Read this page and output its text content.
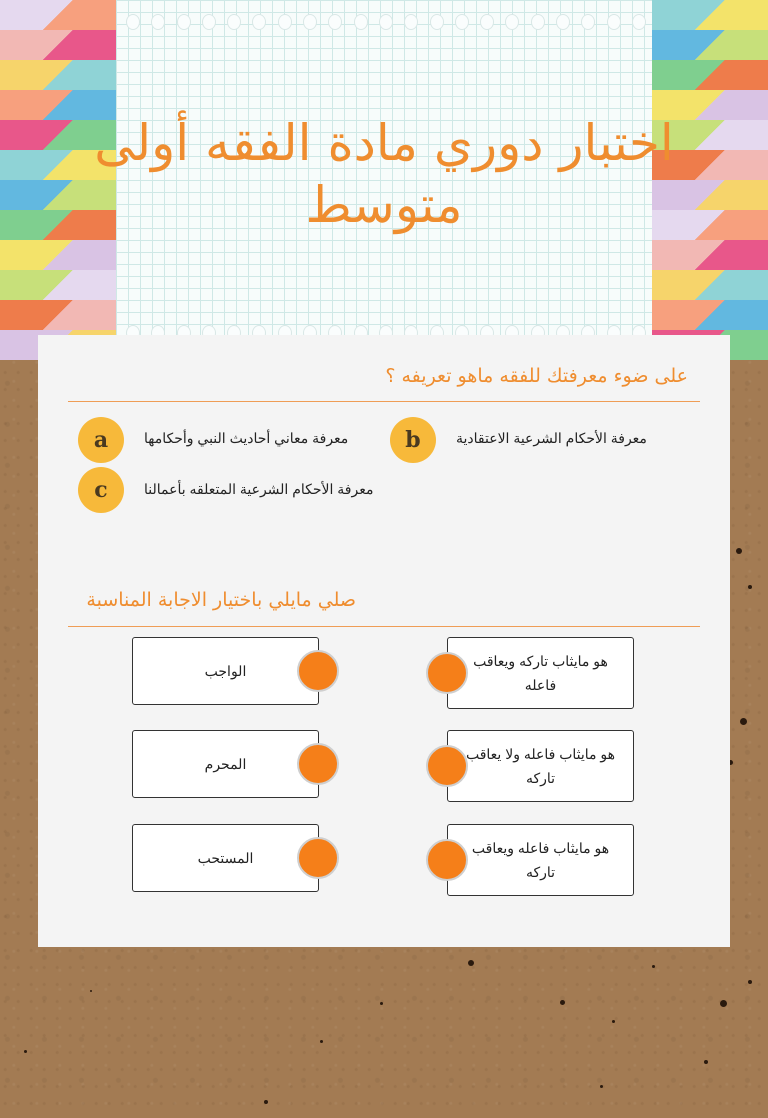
اختبار دوري مادة الفقه أولى متوسط
على ضوء معرفتك للفقه ماهو تعريفه ؟
a	معرفة معاني أحاديث النبي وأحكامها	b	معرفة الأحكام الشرعية الاعتقادية
c	معرفة الأحكام الشرعية المتعلقه بأعمالنا
صلي مايلي باختيار الاجابة المناسبة
الواجب
المحرم
المستحب
هو مايثاب تاركه ويعاقب فاعله
هو مايثاب فاعله ولا يعاقب تاركه
هو مايثاب فاعله ويعاقب تاركه
